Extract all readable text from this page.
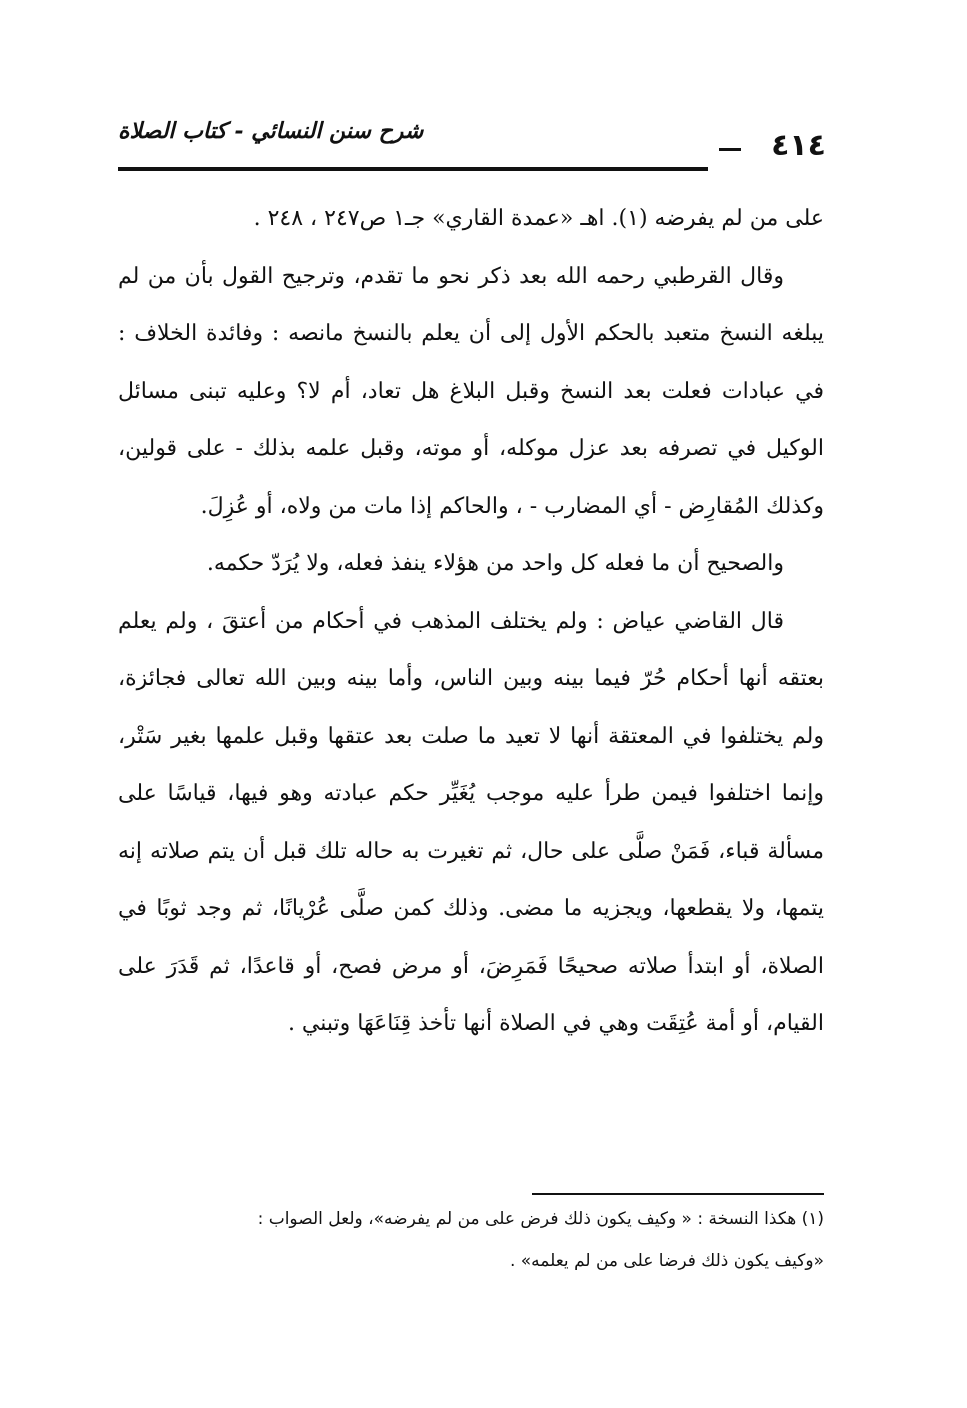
٤١٤
شرح سنن النسائي - كتاب الصلاة

على من لم يفرضه (١). اهـ «عمدة القاري» جـ١ ص٢٤٧ ، ٢٤٨ .

وقال القرطبي رحمه الله بعد ذكر نحو ما تقدم، وترجيح القول بأن من لم يبلغه النسخ متعبد بالحكم الأول إلى أن يعلم بالنسخ مانصه : وفائدة الخلاف : في عبادات فعلت بعد النسخ وقبل البلاغ هل تعاد، أم لا؟ وعليه تبنى مسائل الوكيل في تصرفه بعد عزل موكله، أو موته، وقبل علمه بذلك - على قولين، وكذلك المُقارِض - أي المضارب - ، والحاكم إذا مات من ولاه، أو عُزِلَ.

والصحيح أن ما فعله كل واحد من هؤلاء ينفذ فعله، ولا يُرَدّ حكمه.

قال القاضي عياض : ولم يختلف المذهب في أحكام من أعتقَ ، ولم يعلم بعتقه أنها أحكام حُرّ فيما بينه وبين الناس، وأما بينه وبين الله تعالى فجائزة، ولم يختلفوا في المعتقة أنها لا تعيد ما صلت بعد عتقها وقبل علمها بغير سَتْر، وإنما اختلفوا فيمن طرأ عليه موجب يُغَيِّر حكم عبادته وهو فيها، قياسًا على مسألة قباء، فَمَنْ صلَّى على حال، ثم تغيرت به حاله تلك قبل أن يتم صلاته إنه يتمها، ولا يقطعها، ويجزيه ما مضى. وذلك كمن صلَّى عُرْيانًا، ثم وجد ثوبًا في الصلاة، أو ابتدأ صلاته صحيحًا فَمَرِضَ، أو مرض فصح، أو قاعدًا، ثم قَدَرَ على القيام، أو أمة عُتِقَت وهي في الصلاة أنها تأخذ قِنَاعَهَا وتبني .

(١) هكذا النسخة : « وكيف يكون ذلك فرض على من لم يفرضه»، ولعل الصواب :

«وكيف يكون ذلك فرضا على من لم يعلمه» .
